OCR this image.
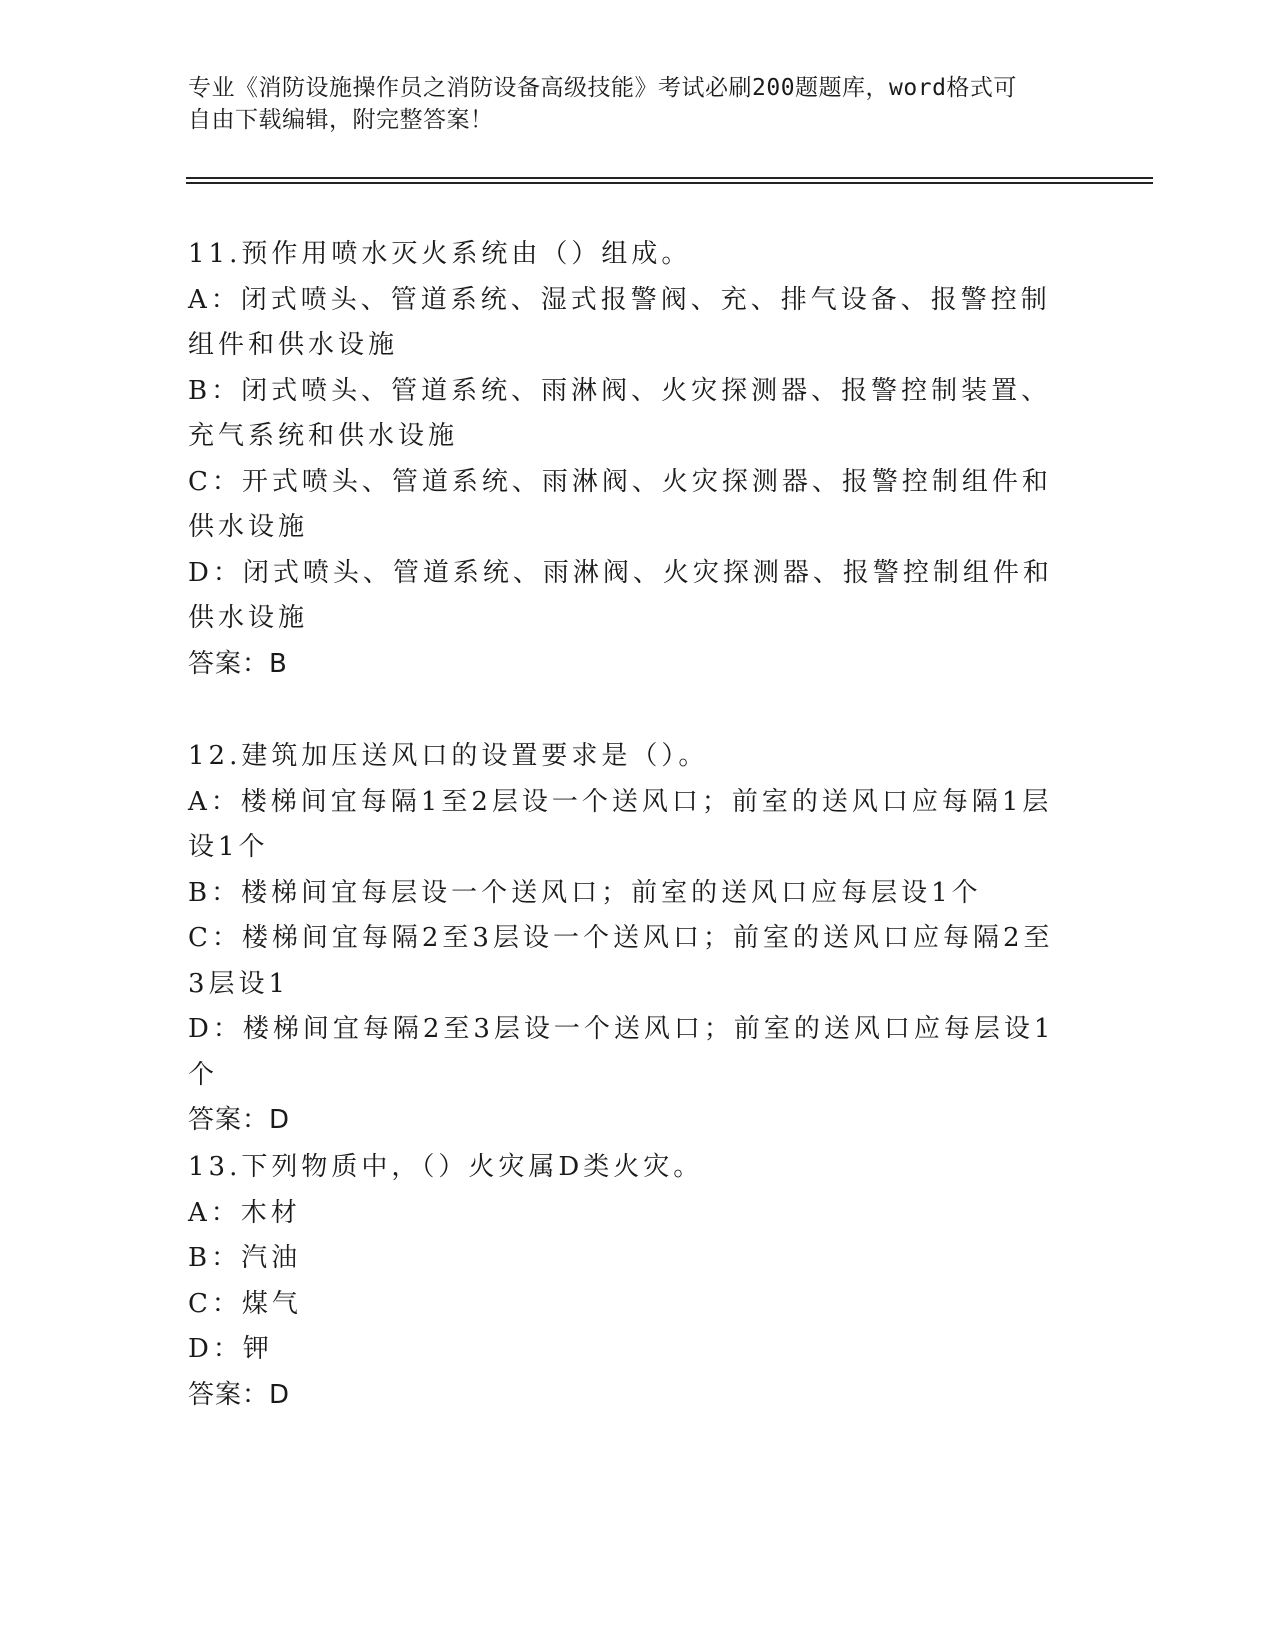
专业《消防设施操作员之消防设备高级技能》考试必刷200题题库，word格式可
自由下载编辑，附完整答案！

11.预作用喷水灭火系统由（）组成。

A：闭式喷头、管道系统、湿式报警阀、充、排气设备、报警控制组件和供水设施

B：闭式喷头、管道系统、雨淋阀、火灾探测器、报警控制装置、充气系统和供水设施

C：开式喷头、管道系统、雨淋阀、火灾探测器、报警控制组件和供水设施

D：闭式喷头、管道系统、雨淋阀、火灾探测器、报警控制组件和供水设施

答案：B

12.建筑加压送风口的设置要求是（）。

A：楼梯间宜每隔1至2层设一个送风口；前室的送风口应每隔1层设1个

B：楼梯间宜每层设一个送风口；前室的送风口应每层设1个

C：楼梯间宜每隔2至3层设一个送风口；前室的送风口应每隔2至3层设1

D：楼梯间宜每隔2至3层设一个送风口；前室的送风口应每层设1个

答案：D

13.下列物质中，（）火灾属D类火灾。

A：木材

B：汽油

C：煤气

D：钾

答案：D
